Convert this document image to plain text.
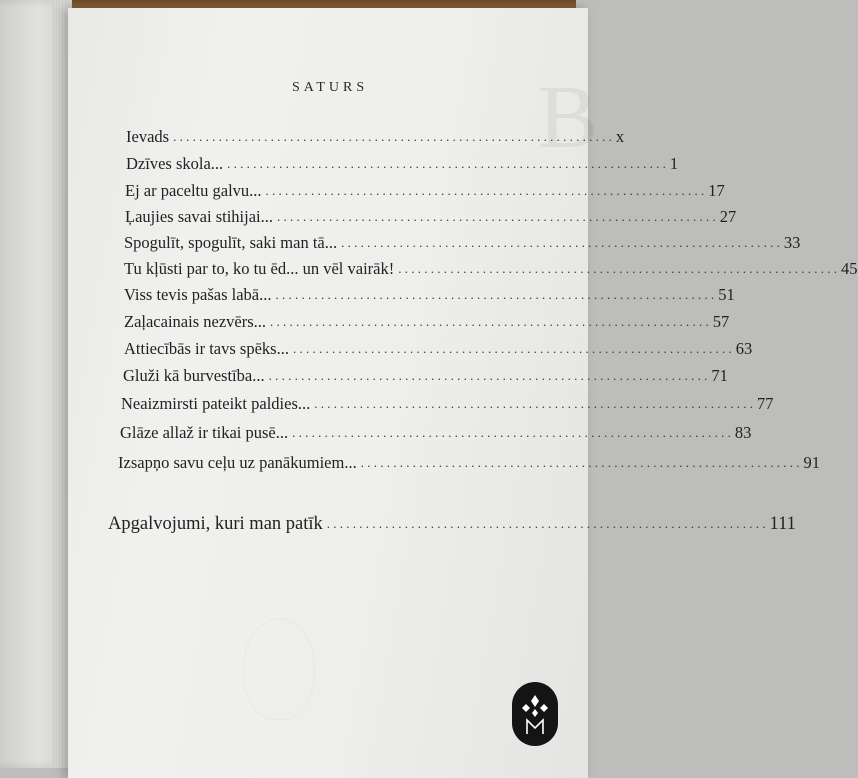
B
SATURS
Ievads . . .	x
Dzīves skola... . . .	1
Ej ar paceltu galvu... . . .	17
Ļaujies savai stihijai... . . .	27
Spogulīt, spogulīt, saki man tā... . . .	33
Tu kļūsti par to, ko tu ēd... un vēl vairāk! . . .	45
Viss tevis pašas labā... . . .	51
Zaļacainais nezvērs... . . .	57
Attiecībās ir tavs spēks... . . .	63
Gluži kā burvestība... . . .	71
Neaizmirsti pateikt paldies... . . .	77
Glāze allaž ir tikai pusē... . . .	83
Izsapņo savu ceļu uz panākumiem... . . .	91
Apgalvojumi, kuri man patīk . . .	111
